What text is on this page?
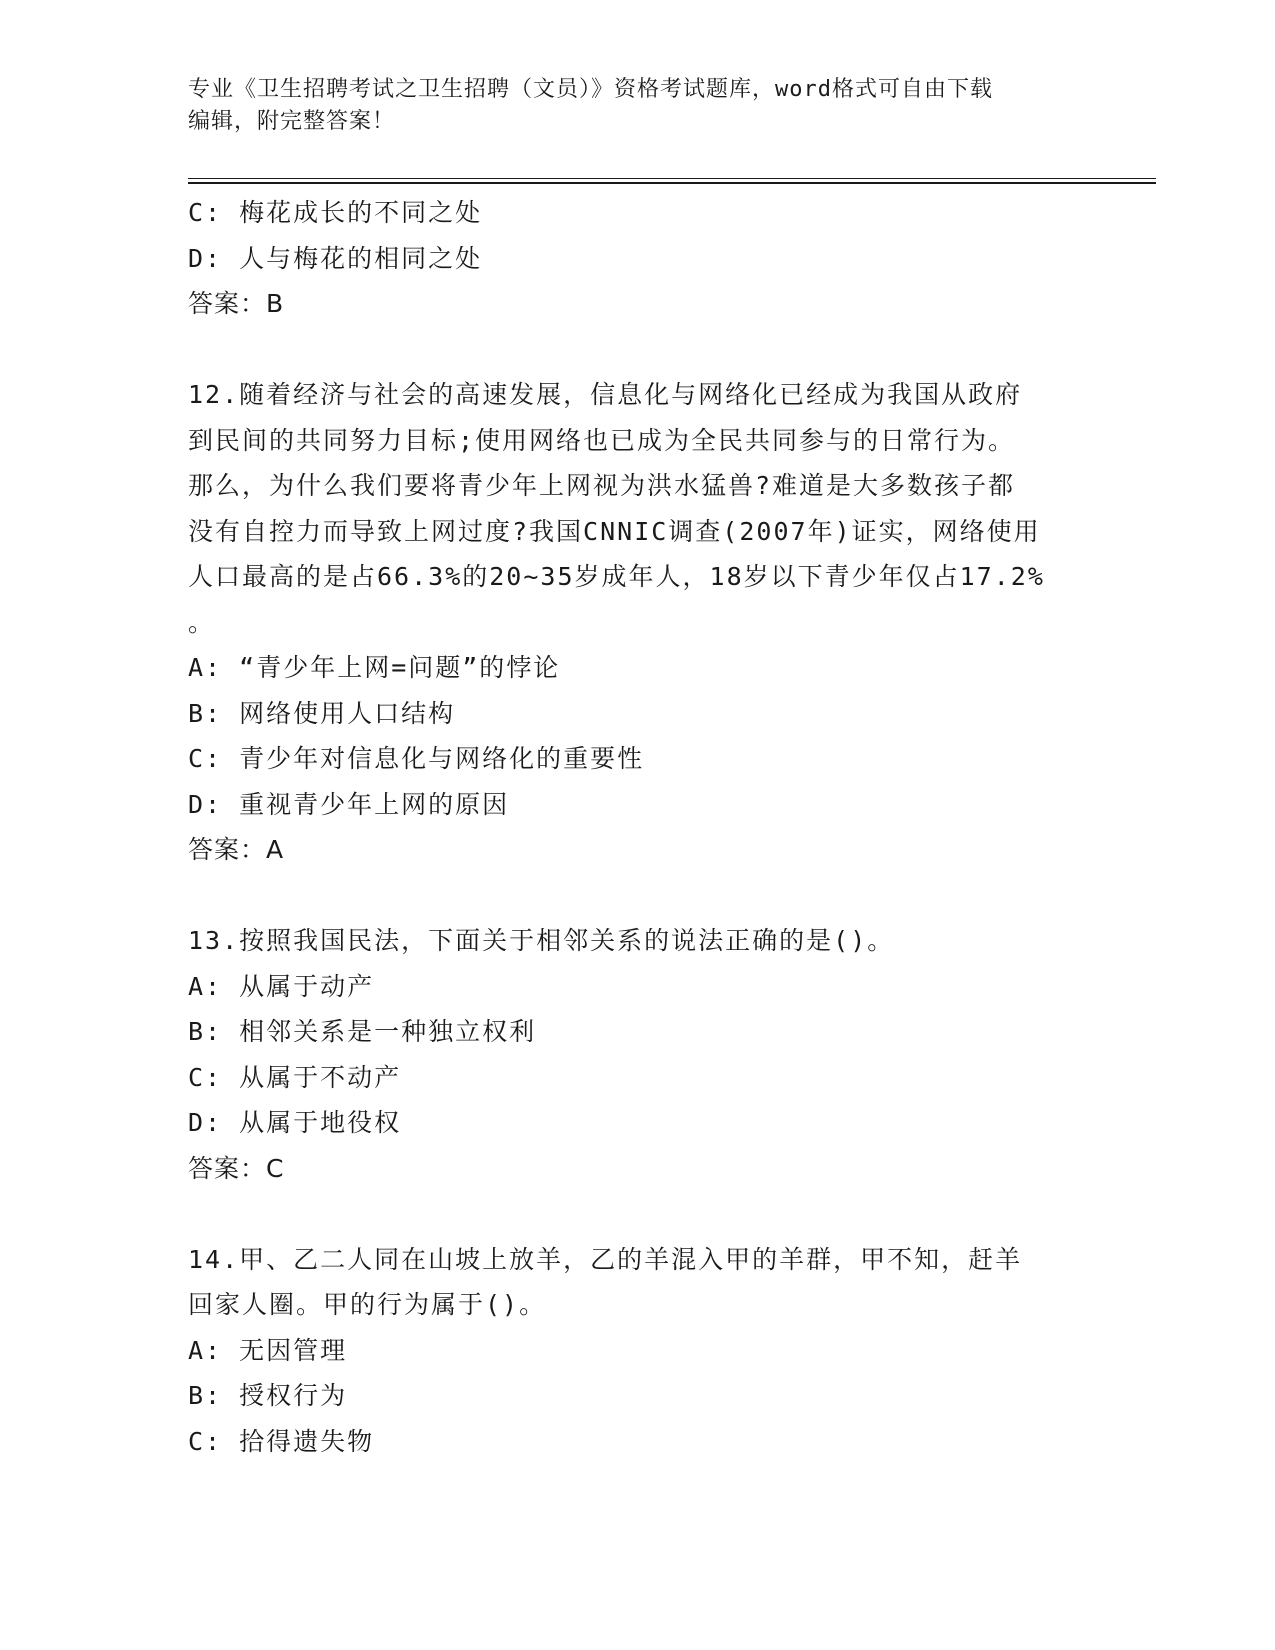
专业《卫生招聘考试之卫生招聘（文员）》资格考试题库，word格式可自由下载
编辑，附完整答案！
C: 梅花成长的不同之处
D: 人与梅花的相同之处
答案：B
12.随着经济与社会的高速发展，信息化与网络化已经成为我国从政府
到民间的共同努力目标;使用网络也已成为全民共同参与的日常行为。
那么，为什么我们要将青少年上网视为洪水猛兽?难道是大多数孩子都
没有自控力而导致上网过度?我国CNNIC调查(2007年)证实，网络使用
人口最高的是占66.3%的20~35岁成年人，18岁以下青少年仅占17.2%
。
A: “青少年上网=问题”的悖论
B: 网络使用人口结构
C: 青少年对信息化与网络化的重要性
D: 重视青少年上网的原因
答案：A
13.按照我国民法，下面关于相邻关系的说法正确的是()。
A: 从属于动产
B: 相邻关系是一种独立权利
C: 从属于不动产
D: 从属于地役权
答案：C
14.甲、乙二人同在山坡上放羊，乙的羊混入甲的羊群，甲不知，赶羊
回家人圈。甲的行为属于()。
A: 无因管理
B: 授权行为
C: 拾得遗失物
